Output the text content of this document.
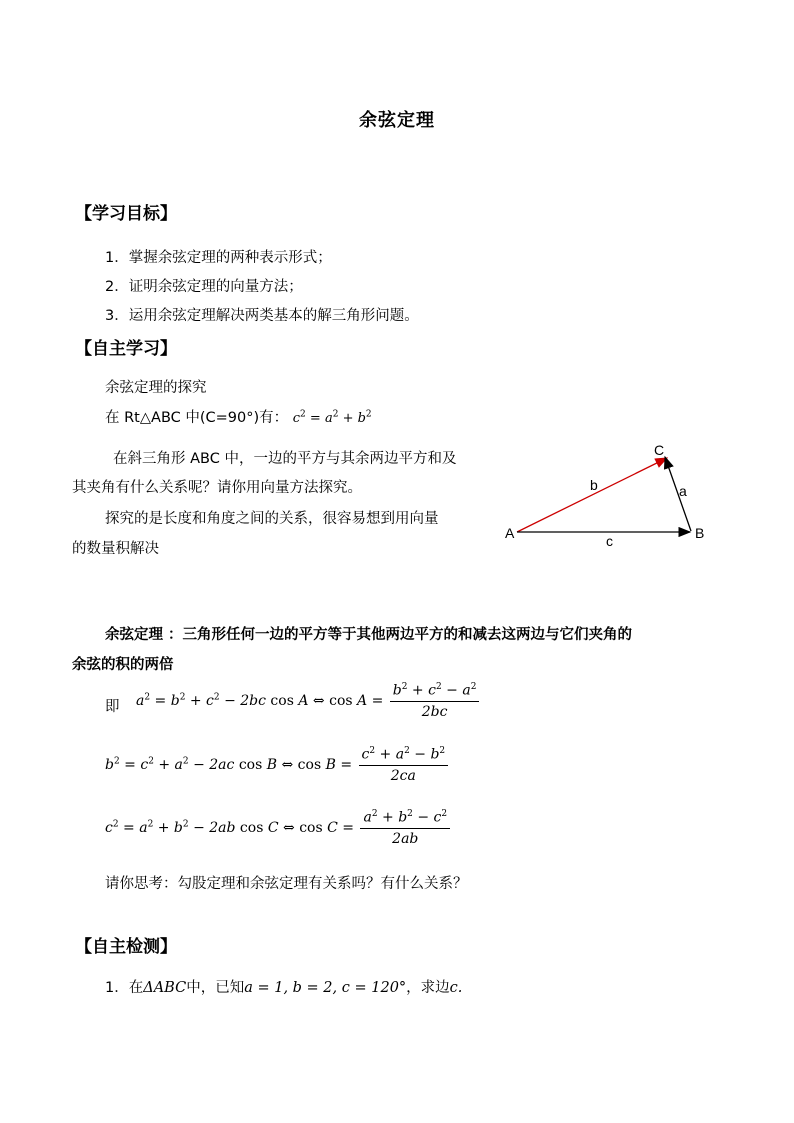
余弦定理
【学习目标】
1．掌握余弦定理的两种表示形式；
2．证明余弦定理的向量方法；
3．运用余弦定理解决两类基本的解三角形问题。
【自主学习】
余弦定理的探究
在 Rt△ABC 中(C=90°)有： $c^2 = a^2 + b^2$
在斜三角形 ABC 中，一边的平方与其余两边平方和及
其夹角有什么关系呢？请你用向量方法探究。
探究的是长度和角度之间的关系，很容易想到用向量
的数量积解决
A	B
C
a
b
c
余弦定理 ：三角形任何一边的平方等于其他两边平方的和减去这两边与它们夹角的
余弦的积的两倍
即 $a^2 = b^2 + c^2 - 2bc$ cos A ⇔ $\cos A = \frac{b^2 + c^2 - a^2}{2bc}$
$b^2 = c^2 + a^2 - 2ac$ cos B ⇔ $\cos B = \frac{c^2 + a^2 - b^2}{2ca}$
$c^2 = a^2 + b^2 - 2ab$ cos C ⇔ $\cos C = \frac{a^2 + b^2 - c^2}{2ab}$
请你思考：勾股定理和余弦定理有关系吗？有什么关系？
【自主检测】
1．在ΔABC中，已知a = 1, b = 2, c = 120°，求边c.
